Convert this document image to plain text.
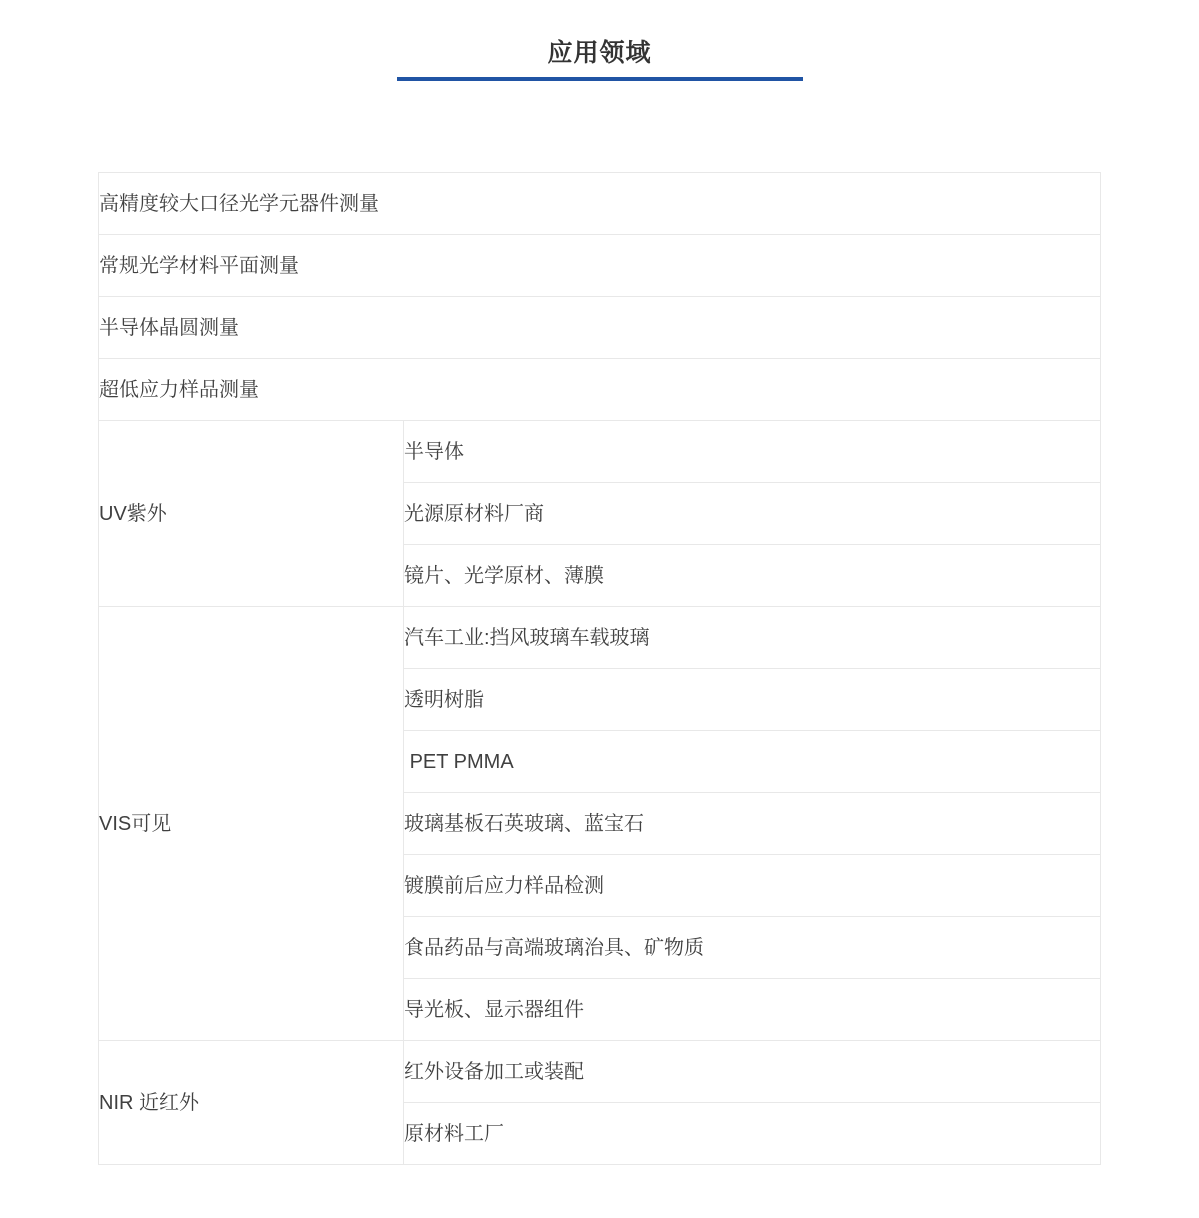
应用领域
高精度较大口径光学元器件测量	
常规光学材料平面测量	
半导体晶圆测量	
超低应力样品测量	
UV紫外	半导体
	光源原材料厂商
	镜片、光学原材、薄膜
VIS可见	汽车工业:挡风玻璃车载玻璃
	透明树脂
	PET PMMA
	玻璃基板石英玻璃、蓝宝石
	镀膜前后应力样品检测
	食品药品与高端玻璃治具、矿物质
	导光板、显示器组件
NIR 近红外	红外设备加工或装配
	原材料工厂
